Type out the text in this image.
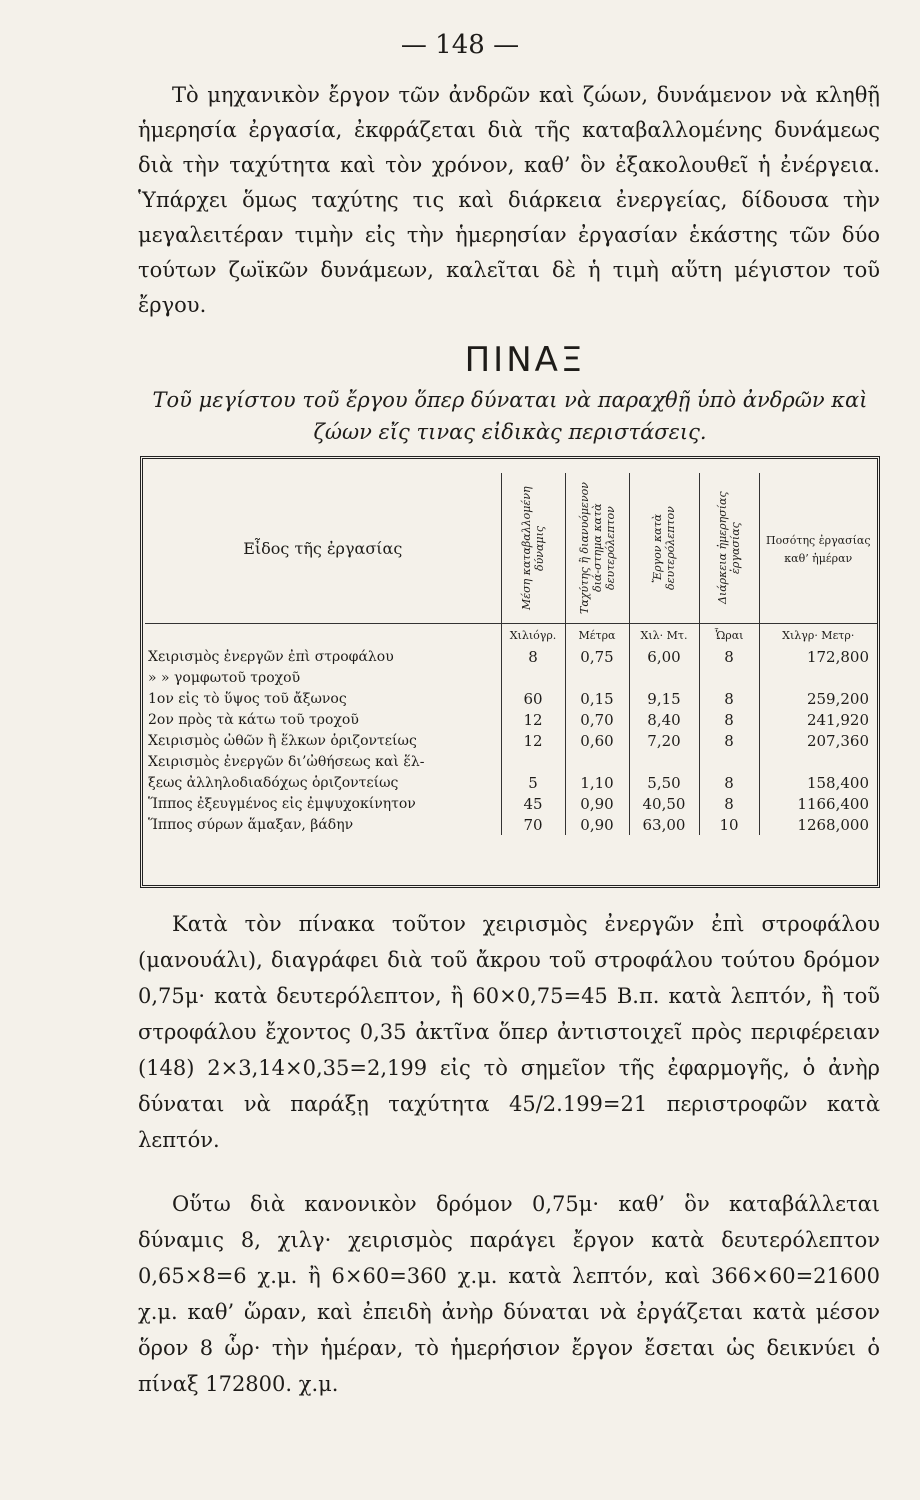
— 148 —
Τὸ μηχανικὸν ἔργον τῶν ἀνδρῶν καὶ ζώων, δυνάμενον νὰ κληθῇ ἡμερησία ἐργασία, ἐκφράζεται διὰ τῆς καταβαλλομένης δυνάμεως διὰ τὴν ταχύτητα καὶ τὸν χρόνον, καθ’ ὃν ἐξακολουθεῖ ἡ ἐνέργεια. Ὑπάρχει ὅμως ταχύτης τις καὶ διάρκεια ἐνεργείας, δίδουσα τὴν μεγαλειτέραν τιμὴν εἰς τὴν ἡμερησίαν ἐργασίαν ἑκάστης τῶν δύο τούτων ζωϊκῶν δυνάμεων, καλεῖται δὲ ἡ τιμὴ αὕτη μέγιστον τοῦ ἔργου.
ΠΙΝΑΞ
Τοῦ μεγίστου τοῦ ἔργου ὅπερ δύναται νὰ παραχθῇ ὑπὸ ἀνδρῶν καὶ ζώων εἴς τινας εἰδικὰς περιστάσεις.
Εἶδος τῆς ἐργασίας	Μέση καταβαλλομένη δύναμις	Ταχύτης ἢ διανυόμενον διά-στημα κατὰ δευτερόλεπτον	Ἔργον κατὰ δευτερόλεπτον	Διάρκεια ἡμερησίας ἐργασίας	Ποσότης ἐργασίας καθ’ ἡμέραν
	Χιλιόγρ.	Μέτρα	Χιλ· Μτ.	Ὧραι	Χιλγρ· Μετρ·
Χειρισμὸς ἐνεργῶν ἐπὶ στροφάλου	8	0,75	6,00	8	172,800
» » γομφωτοῦ τροχοῦ					
1ον εἰς τὸ ὕψος τοῦ ἄξωνος	60	0,15	9,15	8	259,200
2ον πρὸς τὰ κάτω τοῦ τροχοῦ	12	0,70	8,40	8	241,920
Χειρισμὸς ὠθῶν ἢ ἕλκων ὁριζοντείως	12	0,60	7,20	8	207,360
Χειρισμὸς ἐνεργῶν δι’ὠθήσεως καὶ ἕλ-					
ξεως ἀλληλοδιαδόχως ὁριζοντείως	5	1,10	5,50	8	158,400
Ἵππος ἐξευγμένος εἰς ἐμψυχοκίνητον	45	0,90	40,50	8	1166,400
Ἵππος σύρων ἅμαξαν, βάδην	70	0,90	63,00	10	1268,000
Κατὰ τὸν πίνακα τοῦτον χειρισμὸς ἐνεργῶν ἐπὶ στροφάλου (μανουάλι), διαγράφει διὰ τοῦ ἄκρου τοῦ στροφάλου τούτου δρόμον 0,75μ· κατὰ δευτερόλεπτον, ἢ 60×0,75=45 Β.π. κατὰ λεπτόν, ἢ τοῦ στροφάλου ἔχοντος 0,35 ἀκτῖνα ὅπερ ἀντιστοιχεῖ πρὸς περιφέρειαν (148) 2×3,14×0,35=2,199 εἰς τὸ σημεῖον τῆς ἐφαρμογῆς, ὁ ἀνὴρ δύναται νὰ παράξῃ ταχύτητα 45/2.199=21 περιστροφῶν κατὰ λεπτόν.
Οὕτω διὰ κανονικὸν δρόμον 0,75μ· καθ’ ὃν καταβάλλεται δύναμις 8, χιλγ· χειρισμὸς παράγει ἔργον κατὰ δευτερόλεπτον 0,65×8=6 χ.μ. ἢ 6×60=360 χ.μ. κατὰ λεπτόν, καὶ 366×60=21600 χ.μ. καθ’ ὥραν, καὶ ἐπειδὴ ἀνὴρ δύναται νὰ ἐργάζεται κατὰ μέσον ὅρον 8 ὧρ· τὴν ἡμέραν, τὸ ἡμερήσιον ἔργον ἔσεται ὡς δεικνύει ὁ πίναξ 172800. χ.μ.
